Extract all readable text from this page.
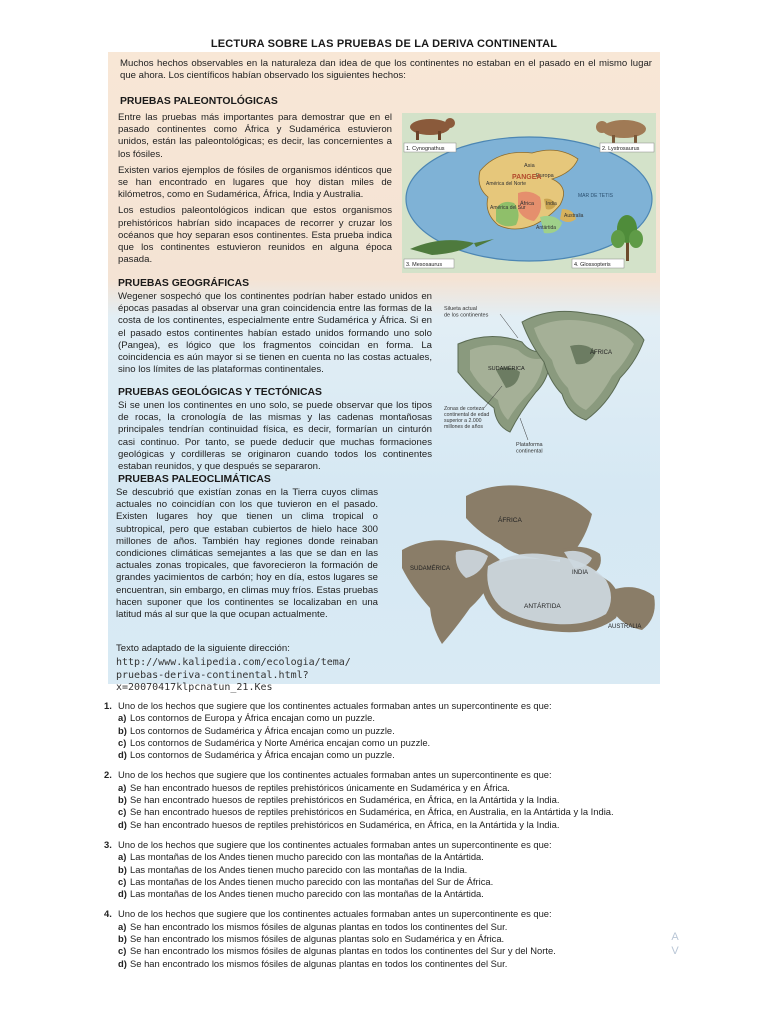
LECTURA SOBRE LAS PRUEBAS DE LA DERIVA CONTINENTAL

Muchos hechos observables en la naturaleza dan idea de que los continentes no estaban en el pasado en el mismo lugar que ahora. Los científicos habían observado los siguientes hechos:

PRUEBAS PALEONTOLÓGICAS

Entre las pruebas más importantes para demostrar que en el pasado continentes como África y Sudamérica estuvieron unidos, están las paleontológicas; es decir, las concernientes a los fósiles.

Existen varios ejemplos de fósiles de organismos idénticos que se han encontrado en lugares que hoy distan miles de kilómetros, como en Sudamérica, África, India y Australia.

Los estudios paleontológicos indican que estos organismos prehistóricos habrían sido incapaces de recorrer y cruzar los océanos que hoy separan esos continentes. Esta prueba indica que los continentes estuvieron reunidos en alguna época pasada.

PRUEBAS GEOGRÁFICAS

Wegener sospechó que los continentes podrían haber estado unidos en épocas pasadas al observar una gran coincidencia entre las formas de la costa de los continentes, especialmente entre Sudamérica y África. Si en el pasado estos continentes habían estado unidos formando uno solo (Pangea), es lógico que los fragmentos coincidan en forma. La coincidencia es aún mayor si se tienen en cuenta no las costas actuales, sino los límites de las plataformas continentales.

PRUEBAS GEOLÓGICAS Y TECTÓNICAS

Si se unen los continentes en uno solo, se puede observar que los tipos de rocas, la cronología de las mismas y las cadenas montañosas principales tendrían continuidad física, es decir, formarían un cinturón casi continuo. Por tanto, se puede deducir que muchas formaciones geológicas y cordilleras se originaron cuando todos los continentes estaban reunidos, y que después se separaron.

PRUEBAS PALEOCLIMÁTICAS

Se descubrió que existían zonas en la Tierra cuyos climas actuales no coincidían con los que tuvieron en el pasado. Existen lugares hoy que tienen un clima tropical o subtropical, pero que estaban cubiertos de hielo hace 300 millones de años. También hay regiones donde reinaban condiciones climáticas semejantes a las que se dan en las actuales zonas tropicales, que favorecieron la formación de grandes yacimientos de carbón; hoy en día, estos lugares se encuentran, sin embargo, en climas muy fríos. Estas pruebas hacen suponer que los continentes se localizaban en una latitud más al sur que la que ocupan actualmente.

Texto adaptado de la siguiente dirección:
http://www.kalipedia.com/ecologia/tema/
pruebas-deriva-continental.html?x=20070417klpcnatun_21.Kes
Asia
Europa
América del Norte
América del Sur
África India
Antártida
Australia
MAR DE TETIS
PANGEA
1. Cynognathus	2. Lystrosaurus
3. Mesosaurus	4. Glossopteris
ÁFRICA
SUDAMÉRICA
Silueta actual de los continentes
Zonas de corteza continental de edad superior a 2.000 millones de años
Plataforma continental
ÁFRICA
SUDAMÉRICA
INDIA
ANTÁRTIDA
AUSTRALIA
1. Uno de los hechos que sugiere que los continentes actuales formaban antes un supercontinente es que:
a) Los contornos de Europa y África encajan como un puzzle.
b) Los contornos de Sudamérica y África encajan como un puzzle.
c) Los contornos de Sudamérica y Norte América encajan como un puzzle.
d) Los contornos de Sudamérica y África encajan como un puzzle.
2. Uno de los hechos que sugiere que los continentes actuales formaban antes un supercontinente es que:
a) Se han encontrado huesos de reptiles prehistóricos únicamente en Sudamérica y en África.
b) Se han encontrado huesos de reptiles prehistóricos en Sudamérica, en África, en la Antártida y la India.
c) Se han encontrado huesos de reptiles prehistóricos en Sudamérica, en África, en Australia, en la Antártida y la India.
d) Se han encontrado huesos de reptiles prehistóricos en Sudamérica, en África, en la Antártida y la India.
3. Uno de los hechos que sugiere que los continentes actuales formaban antes un supercontinente es que:
a) Las montañas de los Andes tienen mucho parecido con las montañas de la Antártida.
b) Las montañas de los Andes tienen mucho parecido con las montañas de la India.
c) Las montañas de los Andes tienen mucho parecido con las montañas del Sur de África.
d) Las montañas de los Andes tienen mucho parecido con las montañas de la Antártida.
4. Uno de los hechos que sugiere que los continentes actuales formaban antes un supercontinente es que:
a) Se han encontrado los mismos fósiles de algunas plantas en todos los continentes del Sur.
b) Se han encontrado los mismos fósiles de algunas plantas solo en Sudamérica y en África.
c) Se han encontrado los mismos fósiles de algunas plantas en todos los continentes del Sur y del Norte.
d) Se han encontrado los mismos fósiles de algunas plantas en todos los continentes del Sur.
A
V
